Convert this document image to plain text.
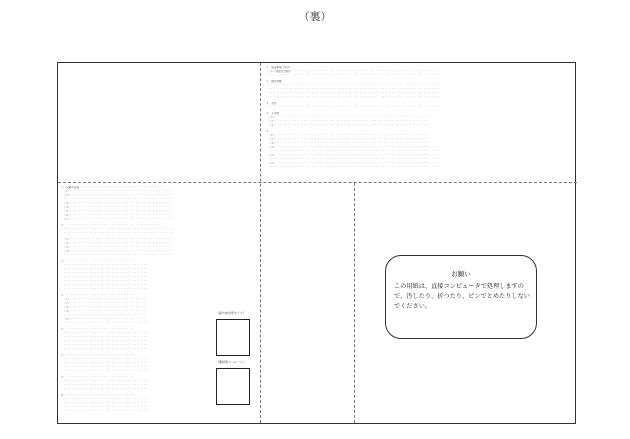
（裏）
１　留意事項（続き）
（１）特記なき限り ・・・ ・・・ ・・・ ・・・ ・・・ ・・・ ・・・ ・・・ ・・・ ・・・ ・・・ ・・・ ・・・ ・・・ ・・・ ・・・ ・・・
・・・ ・・・ ・・・ ・・・ ・・・ ・・・ ・・・ ・・・ ・・・ ・・・ ・・・ ・・・ ・・・ ・・・ ・・・ ・・・ ・・・ ・・・ ・・・ ・・・
２　提出書類
・・・ ・・・ ・・・ ・・・ ・・・ ・・・ ・・・ ・・・ ・・・ ・・・ ・・・ ・・・ ・・・ ・・・ ・・・ ・・・ ・・・ ・・・ ・・・ ・・・
・・・ ・・・ ・・・ ・・・ ・・・ ・・・ ・・・ ・・・ ・・・ ・・・ ・・・ ・・・ ・・・ ・・・ ・・・ ・・・ ・・・ ・・・ ・・・ ・・・
・・・ ・・・ ・・・ ・・・ ・・・ ・・・ ・・・ ・・・ ・・・ ・・・ ・・・ ・・・ ・・・ ・・・ ・・・ ・・・ ・・・ ・・・ ・・・ ・・・
・・・ ・・・ ・・・ ・・・ ・・・ ・・・ ・・・ ・・・ ・・・ ・・・ ・・・ ・・・ ・・・ ・・・ ・・・ ・・・ ・・・ ・・・ ・・・ ・・・
３　手続
・・・ ・・・ ・・・ ・・・ ・・・ ・・・ ・・・ ・・・ ・・・ ・・・ ・・・ ・・・ ・・・ ・・・ ・・・ ・・・ ・・・ ・・・ ・・・ ・・・
４　その他
（１）・・・ ・・・ ・・・ ・・・ ・・・ ・・・ ・・・ ・・・ ・・・ ・・・ ・・・ ・・・ ・・・ ・・・ ・・・ ・・・ ・・・ ・・・
（２）・・・ ・・・ ・・・ ・・・ ・・・ ・・・ ・・・ ・・・ ・・・ ・・・ ・・・ ・・・ ・・・ ・・・ ・・・ ・・・ ・・・ ・・・
（３）・・・ ・・・ ・・・ ・・・ ・・・ ・・・ ・・・ ・・・ ・・・ ・・・ ・・・ ・・・ ・・・ ・・・ ・・・ ・・・ ・・・ ・・・
５
（１）・・・ ・・・ ・・・ ・・・ ・・・ ・・・ ・・・ ・・・ ・・・ ・・・ ・・・ ・・・ ・・・ ・・・ ・・・ ・・・ ・・・ ・・・
（２）・・・ ・・・ ・・・ ・・・ ・・・ ・・・ ・・・ ・・・ ・・・ ・・・ ・・・ ・・・ ・・・ ・・・ ・・・ ・・・ ・・・ ・・・
（３）・・・ ・・・ ・・・ ・・・ ・・・ ・・・ ・・・ ・・・ ・・・ ・・・ ・・・ ・・・ ・・・ ・・・ ・・・ ・・・ ・・・ ・・・
（４）・・・ ・・・ ・・・ ・・・ ・・・ ・・・ ・・・ ・・・ ・・・ ・・・ ・・・ ・・・ ・・・ ・・・ ・・・ ・・・ ・・・ ・・・
・・・ ・・・ ・・・ ・・・ ・・・ ・・・ ・・・ ・・・ ・・・ ・・・ ・・・ ・・・ ・・・ ・・・ ・・・ ・・・ ・・・ ・・・ ・・・ ・・・
（５）・・・ ・・・ ・・・ ・・・ ・・・ ・・・ ・・・ ・・・ ・・・ ・・・ ・・・ ・・・ ・・・ ・・・ ・・・ ・・・ ・・・ ・・・
・・・ ・・・ ・・・ ・・・ ・・・ ・・・ ・・・ ・・・ ・・・ ・・・ ・・・ ・・・ ・・・ ・・・ ・・・ ・・・ ・・・ ・・・ ・・・ ・・・
（６）・・・ ・・・ ・・・ ・・・ ・・・ ・・・ ・・・ ・・・ ・・・ ・・・ ・・・ ・・・ ・・・ ・・・ ・・・ ・・・ ・・・ ・・・
・・・ ・・・ ・・・ ・・・ ・・・ ・・・ ・・・ ・・・ ・・・ ・・・ ・・・ ・・・ ・・・ ・・・ ・・・ ・・・ ・・・ ・・・ ・・・ ・・・
１　記載方法等 ・・・ ・・・ ・・・ ・・・ ・・・ ・・・ ・・・ ・・・ ・・・ ・・・
（１）・・・ ・・・ ・・・ ・・・ ・・・ ・・・ ・・・ ・・・ ・・・ ・・・ ・・・ ・・・
（２）・・・ ・・・ ・・・ ・・・ ・・・ ・・・ ・・・ ・・・ ・・・ ・・・ ・・・ ・・・
・・・ ・・・ ・・・ ・・・ ・・・ ・・・ ・・・ ・・・ ・・・ ・・・ ・・・ ・・・ ・・・
（３）・・・ ・・・ ・・・ ・・・ ・・・ ・・・ ・・・ ・・・ ・・・ ・・・ ・・・ ・・・
（４）・・・ ・・・ ・・・ ・・・ ・・・ ・・・ ・・・ ・・・ ・・・ ・・・ ・・・ ・・・
（５）・・・ ・・・ ・・・ ・・・ ・・・ ・・・ ・・・ ・・・ ・・・ ・・・ ・・・ ・・・
（６）・・・ ・・・ ・・・ ・・・ ・・・ ・・・ ・・・ ・・・ ・・・ ・・・ ・・・ ・・・
（７）・・・ ・・・ ・・・ ・・・ ・・・ ・・・ ・・・ ・・・ ・・・ ・・・ ・・・ ・・・
２　・・・ ・・・ ・・・ ・・・ ・・・ ・・・ ・・・ ・・・ ・・・ ・・・ ・・・
・・・ ・・・ ・・・ ・・・ ・・・ ・・・ ・・・ ・・・ ・・・ ・・・ ・・・ ・・・ ・・・
・・・ ・・・ ・・・ ・・・ ・・・ ・・・ ・・・ ・・・ ・・・ ・・・ ・・・ ・・・ ・・・
（１）・・・ ・・・ ・・・ ・・・ ・・・ ・・・ ・・・ ・・・ ・・・ ・・・ ・・・ ・・・
（２）・・・ ・・・ ・・・ ・・・ ・・・ ・・・ ・・・ ・・・ ・・・ ・・・ ・・・ ・・・
（３）・・・ ・・・ ・・・ ・・・ ・・・ ・・・ ・・・ ・・・ ・・・ ・・・ ・・・ ・・・
（４）・・・ ・・・ ・・・ ・・・ ・・・ ・・・ ・・・ ・・・ ・・・ ・・・ ・・・ ・・・
・・・ ・・・ ・・・ ・・・ ・・・ ・・・ ・・・ ・・・ ・・・ ・・・ ・・・ ・・・ ・・・
３　・・・ ・・・ ・・・ ・・・ ・・・ ・・・ ・・・ ・・・
・・・ ・・・ ・・・ ・・・ ・・・ ・・・ ・・・ ・・・ ・・・ ・・・
・・・ ・・・ ・・・ ・・・ ・・・ ・・・ ・・・ ・・・ ・・・ ・・・
・・・ ・・・ ・・・ ・・・ ・・・ ・・・ ・・・ ・・・ ・・・ ・・・
・・・ ・・・ ・・・ ・・・ ・・・ ・・・ ・・・ ・・・ ・・・ ・・・
・・・ ・・・ ・・・ ・・・ ・・・ ・・・ ・・・ ・・・ ・・・ ・・・
・・・ ・・・ ・・・ ・・・ ・・・ ・・・ ・・・ ・・・ ・・・ ・・・
・・・ ・・・ ・・・ ・・・ ・・・ ・・・ ・・・ ・・・ ・・・ ・・・
４　・・・ ・・・ ・・・ ・・・ ・・・ ・・・ ・・・ ・・・
（１）・・・ ・・・ ・・・ ・・・ ・・・ ・・・ ・・・ ・・・ ・・・
（２）・・・ ・・・ ・・・ ・・・ ・・・ ・・・ ・・・ ・・・ ・・・
（３）・・・ ・・・ ・・・ ・・・ ・・・ ・・・ ・・・ ・・・ ・・・
（４）・・・ ・・・ ・・・ ・・・ ・・・ ・・・ ・・・ ・・・ ・・・
・・・ ・・・ ・・・ ・・・ ・・・ ・・・ ・・・ ・・・ ・・・ ・・・
（５）・・・ ・・・ ・・・ ・・・ ・・・ ・・・ ・・・ ・・・ ・・・
・・・ ・・・ ・・・ ・・・ ・・・ ・・・ ・・・ ・・・ ・・・ ・・・
５　・・・ ・・・ ・・・ ・・・ ・・・ ・・・ ・・・ ・・・
・・・ ・・・ ・・・ ・・・ ・・・ ・・・ ・・・ ・・・ ・・・ ・・・
・・・ ・・・ ・・・ ・・・ ・・・ ・・・ ・・・ ・・・ ・・・ ・・・
・・・ ・・・ ・・・ ・・・ ・・・ ・・・ ・・・ ・・・ ・・・ ・・・
・・・ ・・・ ・・・ ・・・ ・・・ ・・・ ・・・ ・・・ ・・・ ・・・
・・・ ・・・ ・・・ ・・・ ・・・ ・・・ ・・・ ・・・ ・・・ ・・・
６　・・・ ・・・ ・・・ ・・・ ・・・ ・・・ ・・・ ・・・
・・・ ・・・ ・・・ ・・・ ・・・ ・・・ ・・・ ・・・ ・・・ ・・・
・・・ ・・・ ・・・ ・・・ ・・・ ・・・ ・・・ ・・・ ・・・ ・・・
・・・ ・・・ ・・・ ・・・ ・・・ ・・・ ・・・ ・・・ ・・・ ・・・
・・・ ・・・ ・・・ ・・・ ・・・ ・・・ ・・・ ・・・ ・・・ ・・・
７　・・・ ・・・ ・・・ ・・・ ・・・ ・・・ ・・・ ・・・
・・・ ・・・ ・・・ ・・・ ・・・ ・・・ ・・・ ・・・ ・・・ ・・・
・・・ ・・・ ・・・ ・・・ ・・・ ・・・ ・・・ ・・・ ・・・ ・・・
・・・ ・・・ ・・・ ・・・ ・・・ ・・・ ・・・ ・・・ ・・・ ・・・
８　・・・ ・・・ ・・・ ・・・ ・・・ ・・・ ・・・ ・・・
・・・ ・・・ ・・・ ・・・ ・・・ ・・・ ・・・ ・・・ ・・・ ・・・
・・・ ・・・ ・・・ ・・・ ・・・ ・・・ ・・・ ・・・ ・・・ ・・・
・・・ ・・・ ・・・ ・・・ ・・・ ・・・ ・・・ ・・・ ・・・ ・・・
・・・ ・・・ ・・・ ・・・ ・・・ ・・・ ・・・ ・・・ ・・・ ・・・
（縦方向外形サイズ）
（要紙等スール一ン）
お願い
この用紙は、直接コンピュータで処理しますので、汚したり、折つたり、ピンでとめたりしないでください。
